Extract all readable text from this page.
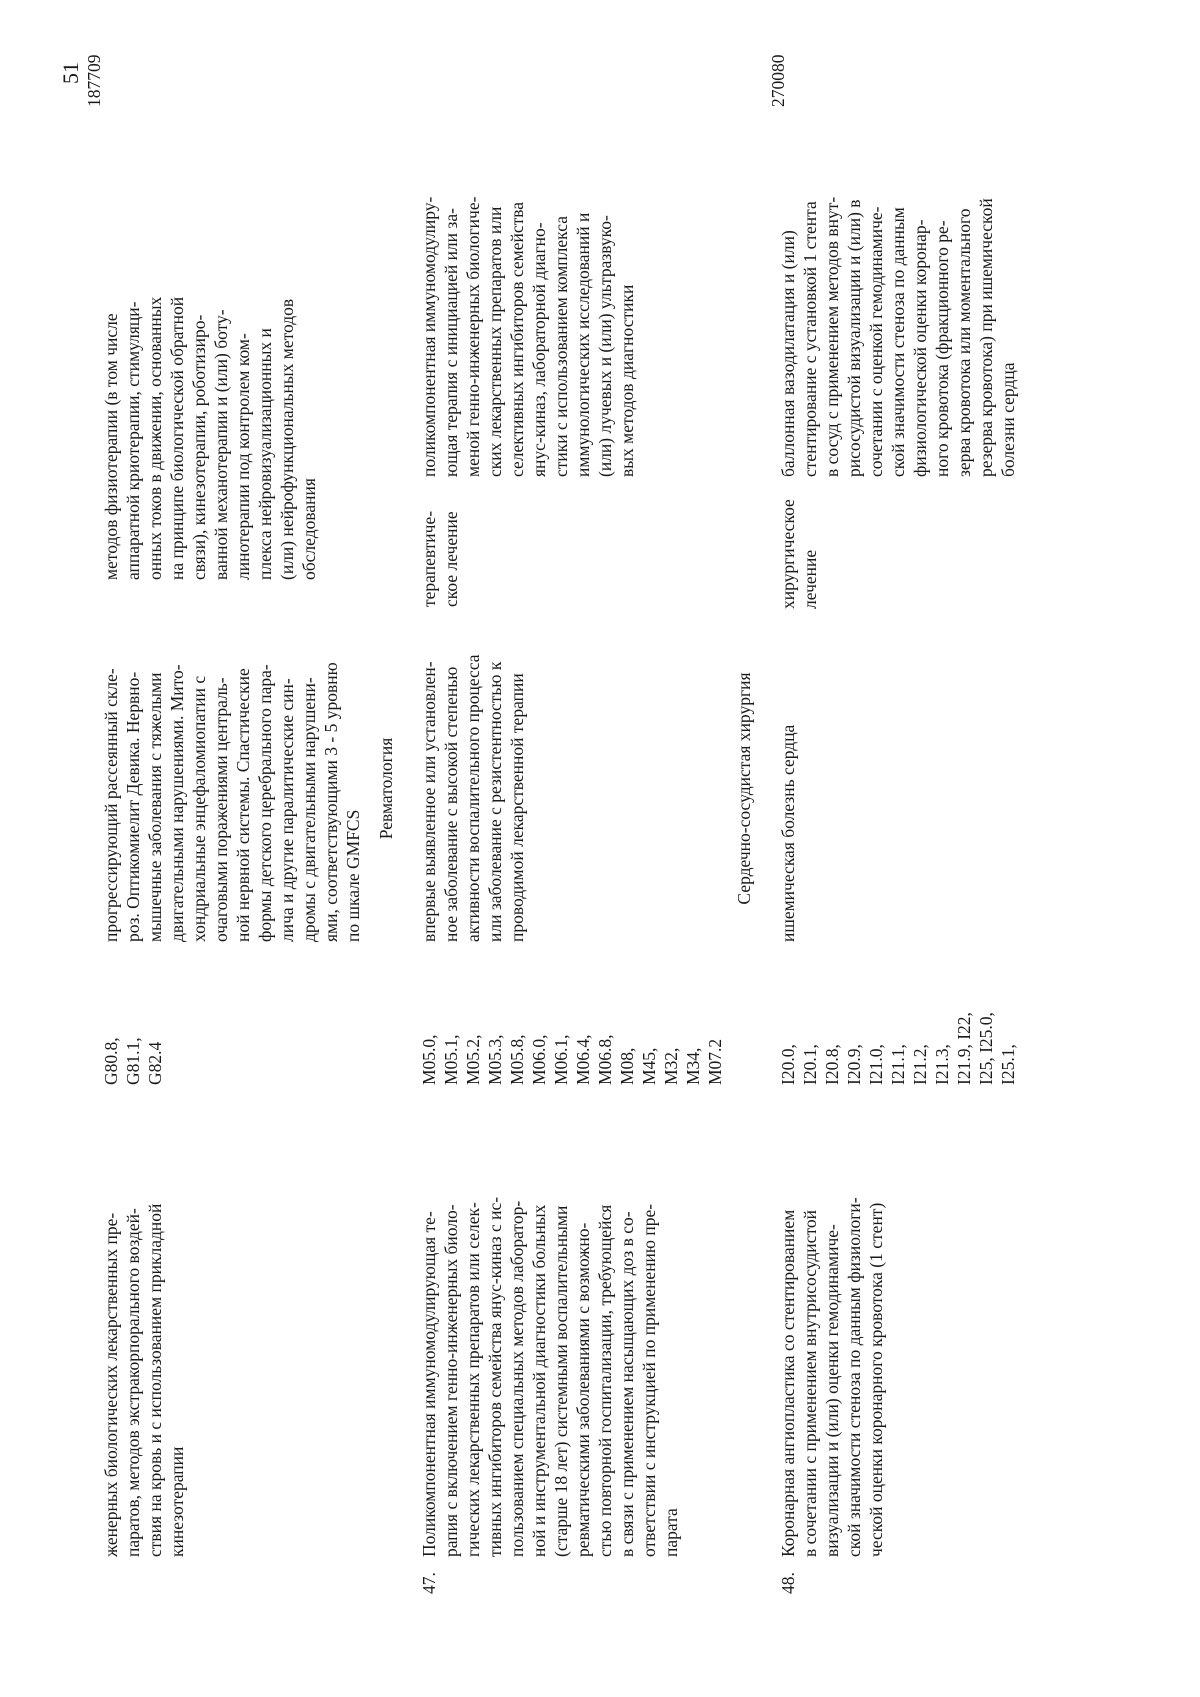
51
женерных биологических лекарственных пре-
паратов, методов экстракорпорального воздей-
ствия на кровь и с использованием прикладной
кинезотерапии
G80.8,
G81.1,
G82.4
прогрессирующий рассеянный скле-
роз. Оптикомиелит Девика. Нервно-
мышечные заболевания с тяжелыми
двигательными нарушениями. Мито-
хондриальные энцефаломиопатии с
очаговыми поражениями централь-
ной нервной системы. Спастические
формы детского церебрального пара-
лича и другие паралитические син-
дромы с двигательными нарушени-
ями, соответствующими 3 - 5 уровню
по шкале GMFCS
методов физиотерапии (в том числе
аппаратной криотерапии, стимуляци-
онных токов в движении, основанных
на принципе биологической обратной
связи), кинезотерапии, роботизиро-
ванной механотерапии и (или) боту-
линотерапии под контролем ком-
плекса нейровизуализационных и
(или) нейрофункциональных методов
обследования
Ревматология
47.
Поликомпонентная иммуномодулирующая те-
рапия с включением генно-инженерных биоло-
гических лекарственных препаратов или селек-
тивных ингибиторов семейства янус-киназ с ис-
пользованием специальных методов лаборатор-
ной и инструментальной диагностики больных
(старше 18 лет) системными воспалительными
ревматическими заболеваниями с возможно-
стью повторной госпитализации, требующейся
в связи с применением насыщающих доз в со-
ответствии с инструкцией по применению пре-
парата
M05.0,
M05.1,
M05.2,
M05.3,
M05.8,
M06.0,
M06.1,
M06.4,
M06.8,
M08,
M45,
M32,
M34,
M07.2
впервые выявленное или установлен-
ное заболевание с высокой степенью
активности воспалительного процесса
или заболевание с резистентностью к
проводимой лекарственной терапии
терапевтиче-
ское лечение
поликомпонентная иммуномодулиру-
ющая терапия с инициацией или за-
меной генно-инженерных биологиче-
ских лекарственных препаратов или
селективных ингибиторов семейства
янус-киназ, лабораторной диагно-
стики с использованием комплекса
иммунологических исследований и
(или) лучевых и (или) ультразвуко-
вых методов диагностики
187709
Сердечно-сосудистая хирургия
48.
Коронарная ангиопластика со стентированием
в сочетании с применением внутрисосудистой
визуализации и (или) оценки гемодинамиче-
ской значимости стеноза по данным физиологи-
ческой оценки коронарного кровотока (1 стент)
I20.0,
I20.1,
I20.8,
I20.9,
I21.0,
I21.1,
I21.2,
I21.3,
I21.9, I22,
I25, I25.0,
I25.1,
ишемическая болезнь сердца
хирургическое
лечение
баллонная вазодилатация и (или)
стентирование с установкой 1 стента
в сосуд с применением методов внут-
рисосудистой визуализации и (или) в
сочетании с оценкой гемодинамиче-
ской значимости стеноза по данным
физиологической оценки коронар-
ного кровотока (фракционного ре-
зерва кровотока или моментального
резерва кровотока) при ишемической
болезни сердца
270080
